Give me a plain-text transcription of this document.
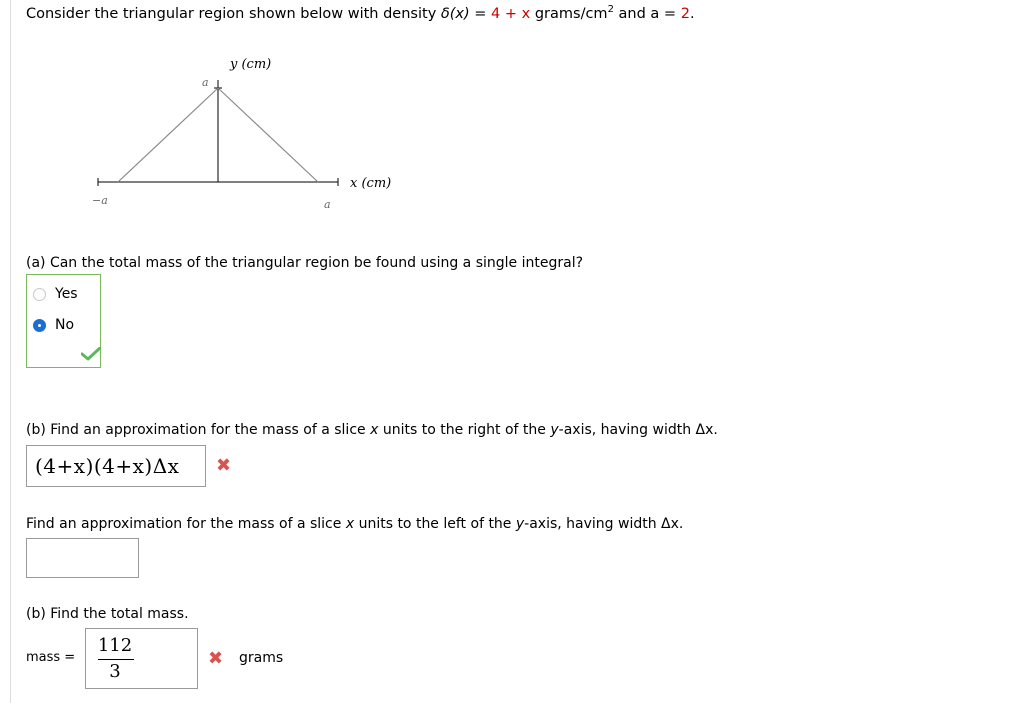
Consider the triangular region shown below with density δ(x) = 4 + x grams/$cm^2$ and a = 2.
y (cm)
x (cm)
a
−a	a
(a) Can the total mass of the triangular region be found using a single integral?
Yes
No
(b) Find an approximation for the mass of a slice x units to the right of the y-axis, having width Δx.
(4+x)(4+x)Δx ✖
Find an approximation for the mass of a slice x units to the left of the y-axis, having width Δx.
(b) Find the total mass.
mass =
112
3
✖ grams
